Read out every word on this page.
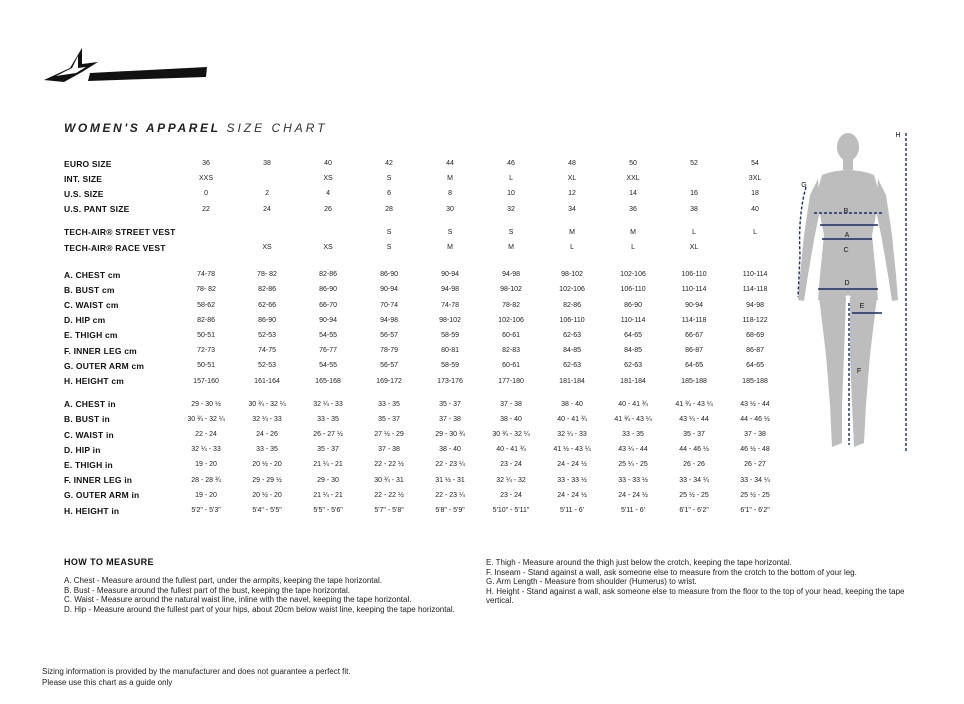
WOMEN'S APPAREL SIZE CHART
EURO SIZE	36	38	40	42	44	46	48	50	52	54
INT. SIZE	XXS		XS	S	M	L	XL	XXL		3XL
U.S. SIZE	0	2	4	6	8	10	12	14	16	18
U.S. PANT SIZE	22	24	26	28	30	32	34	36	38	40

TECH-AIR® STREET VEST				S	S	S	M	M	L	L
TECH-AIR® RACE VEST		XS	XS	S	M	M	L	L	XL	

A. CHEST cm	74-78	78- 82	82-86	86-90	90-94	94-98	98-102	102-106	106-110	110-114
B. BUST cm	78- 82	82-86	86-90	90-94	94-98	98-102	102-106	106-110	110-114	114-118
C. WAIST cm	58-62	62-66	66-70	70-74	74-78	78-82	82-86	86-90	90-94	94-98
D. HIP cm	82-86	86-90	90-94	94-98	98-102	102-106	106-110	110-114	114-118	118-122
E. THIGH cm	50-51	52-53	54-55	56-57	58-59	60-61	62-63	64-65	66-67	68-69
F. INNER LEG cm	72-73	74-75	76-77	78-79	80-81	82-83	84-85	84-85	86-87	86-87
G. OUTER ARM cm	50-51	52-53	54-55	56-57	58-59	60-61	62-63	62-63	64-65	64-65
H. HEIGHT cm	157-160	161-164	165-168	169-172	173-176	177-180	181-184	181-184	185-188	185-188

A. CHEST in	29 - 30 ½	30 ¾ - 32 ¼	32 ¼ - 33	33 - 35	35 - 37	37 - 38	38 - 40	40 - 41 ¾	41 ¾ - 43 ¼	43 ½ - 44
B. BUST in	30 ¾ - 32 ¼	32 ¼ - 33	33 - 35	35 - 37	37 - 38	38 - 40	40 - 41 ¾	41 ¾ - 43 ¼	43 ¼ - 44	44 - 46 ½
C. WAIST in	22 - 24	24 - 26	26 - 27 ½	27 ½ - 29	29 - 30 ¾	30 ¾ - 32 ¼	32 ¼ - 33	33 - 35	35 - 37	37 - 38
D. HIP in	32 ¼ - 33	33 - 35	35 - 37	37 - 38	38 - 40	40 - 41 ¾	41 ½ - 43 ¼	43 ¼ - 44	44 - 46 ½	46 ½ - 48
E. THIGH in	19 - 20	20 ½ - 20	21 ¼ - 21	22 - 22 ½	22 - 23 ¼	23 - 24	24 - 24 ½	25 ¼ - 25	26 - 26	26 - 27
F. INNER LEG in	28 - 28 ¾	29 - 29 ½	29 - 30	30 ¾ - 31	31 ½ - 31	32 ¼ - 32	33 - 33 ½	33 - 33 ½	33 - 34 ¼	33 - 34 ¼
G. OUTER ARM in	19 - 20	20 ½ - 20	21 ¼ - 21	22 - 22 ½	22 - 23 ¼	23 - 24	24 - 24 ½	24 - 24 ½	25 ½ - 25	25 ½ - 25
H. HEIGHT in	5'2" - 5'3"	5'4" - 5'5"	5'5" - 5'6"	5'7" - 5'8"	5'8" - 5'9"	5'10" - 5'11"	5'11 - 6'	5'11 - 6'	6'1" - 6'2"	6'1" - 6'2"
HOW TO MEASURE
A. Chest - Measure around the fullest part, under the armpits, keeping the tape horizontal.
B. Bust - Measure around the fullest part of the bust, keeping the tape horizontal.
C. Waist - Measure around the natural waist line, inline with the navel, keeping the tape horizontal.
D. Hip - Measure around the fullest part of your hips, about 20cm below waist line, keeping the tape horizontal.
E. Thigh - Measure around the thigh just below the crotch, keeping the tape horizontal.
F. Inseam - Stand against a wall, ask someone else to measure from the crotch to the bottom of your leg.
G. Arm Length - Measure from shoulder (Humerus) to wrist.
H. Height - Stand against a wall, ask someone else to measure from the floor to the top of your head, keeping the tape vertical.
Sizing information is provided by the manufacturer and does not guarantee a perfect fit.
Please use this chart as a guide only
B
A
C
D
E
F
G
H
